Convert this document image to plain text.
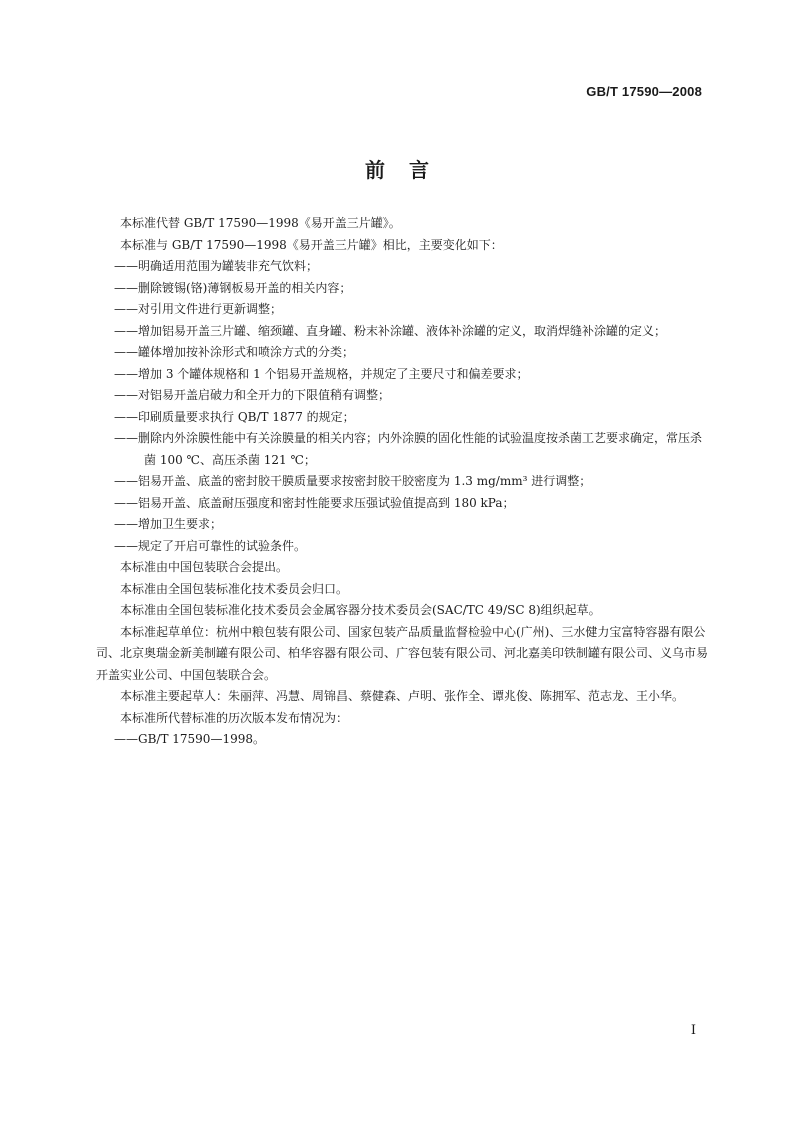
GB/T 17590—2008
前言

本标准代替 GB/T 17590—1998《易开盖三片罐》。

本标准与 GB/T 17590—1998《易开盖三片罐》相比，主要变化如下：

——明确适用范围为罐装非充气饮料；

——删除镀锡(铬)薄钢板易开盖的相关内容；

——对引用文件进行更新调整；

——增加铝易开盖三片罐、缩颈罐、直身罐、粉末补涂罐、液体补涂罐的定义，取消焊缝补涂罐的定义；

——罐体增加按补涂形式和喷涂方式的分类；

——增加 3 个罐体规格和 1 个铝易开盖规格，并规定了主要尺寸和偏差要求；

——对铝易开盖启破力和全开力的下限值稍有调整；

——印刷质量要求执行 QB/T 1877 的规定；

——删除内外涂膜性能中有关涂膜量的相关内容；内外涂膜的固化性能的试验温度按杀菌工艺要求确定，常压杀菌 100 ℃、高压杀菌 121 ℃；

——铝易开盖、底盖的密封胶干膜质量要求按密封胶干胶密度为 1.3 mg/mm³ 进行调整；

——铝易开盖、底盖耐压强度和密封性能要求压强试验值提高到 180 kPa；

——增加卫生要求；

——规定了开启可靠性的试验条件。

本标准由中国包装联合会提出。

本标准由全国包装标准化技术委员会归口。

本标准由全国包装标准化技术委员会金属容器分技术委员会(SAC/TC 49/SC 8)组织起草。

本标准起草单位：杭州中粮包装有限公司、国家包装产品质量监督检验中心(广州)、三水健力宝富特容器有限公司、北京奥瑞金新美制罐有限公司、柏华容器有限公司、广容包装有限公司、河北嘉美印铁制罐有限公司、义乌市易开盖实业公司、中国包装联合会。

本标准主要起草人：朱丽萍、冯慧、周锦昌、蔡健森、卢明、张作全、谭兆俊、陈拥军、范志龙、王小华。

本标准所代替标准的历次版本发布情况为：

——GB/T 17590—1998。

I
